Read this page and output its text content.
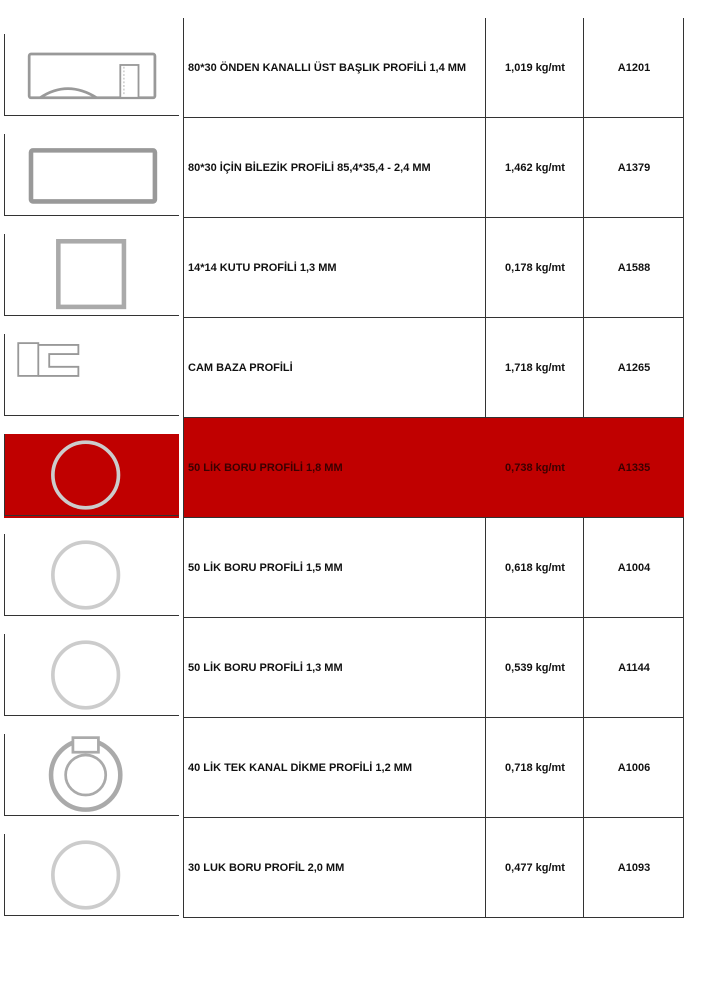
80*30 ÖNDEN KANALLI ÜST BAŞLIK PROFİLİ 1,4 MM	1,019 kg/mt	A1201
80*30 İÇİN BİLEZİK PROFİLİ 85,4*35,4 - 2,4 MM	1,462 kg/mt	A1379
14*14 KUTU PROFİLİ 1,3 MM	0,178 kg/mt	A1588
CAM BAZA PROFİLİ	1,718 kg/mt	A1265
50 LİK BORU PROFİLİ 1,8 MM	0,738 kg/mt	A1335
50 LİK BORU PROFİLİ 1,5 MM	0,618 kg/mt	A1004
50 LİK BORU PROFİLİ 1,3 MM	0,539 kg/mt	A1144
40 LİK TEK KANAL DİKME PROFİLİ 1,2 MM	0,718 kg/mt	A1006
30 LUK BORU PROFİL 2,0 MM	0,477 kg/mt	A1093
